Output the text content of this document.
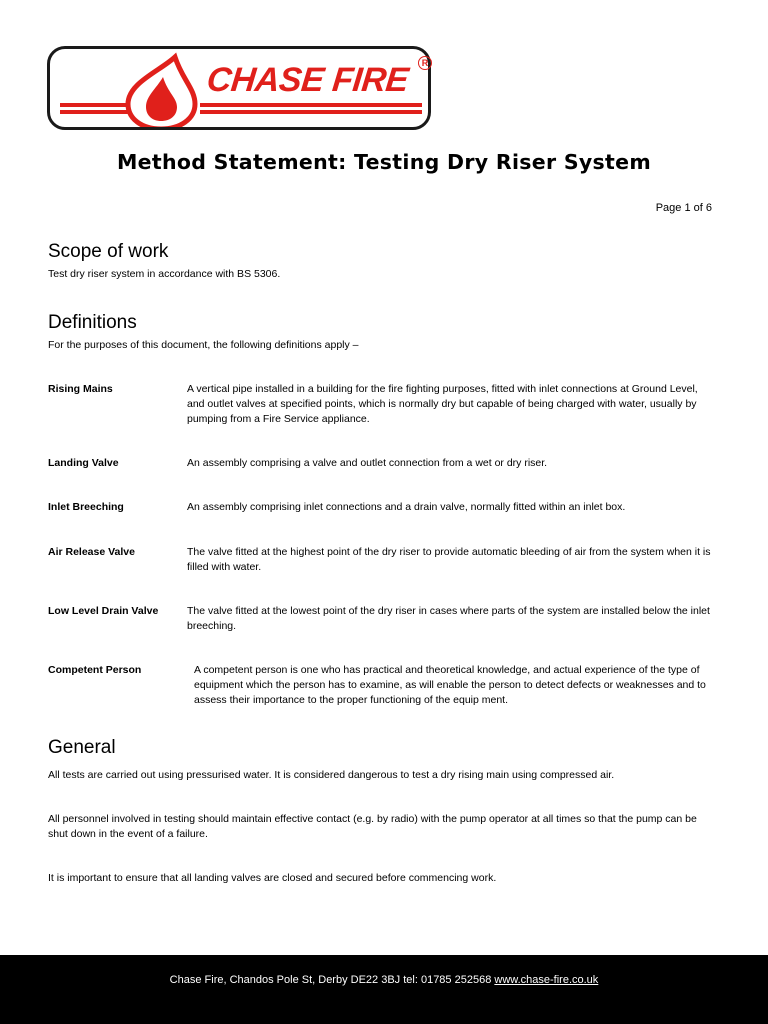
CHASE FIRE	R
Method Statement: Testing Dry Riser System
Page 1 of 6
Scope of work
Test dry riser system in accordance with BS 5306.
Definitions
For the purposes of this document, the following definitions apply –
Rising Mains	A vertical pipe installed in a building for the fire fighting purposes, fitted with inlet connections at Ground Level, and outlet valves at specified points, which is normally dry but capable of being charged with water, usually by pumping from a Fire Service appliance.
Landing Valve	An assembly comprising a valve and outlet connection from a wet or dry riser.
Inlet Breeching	An assembly comprising inlet connections and a drain valve, normally fitted within an inlet box.
Air Release Valve	The valve fitted at the highest point of the dry riser to provide automatic bleeding of air from the system when it is filled with water.
Low Level Drain Valve	The valve fitted at the lowest point of the dry riser in cases where parts of the system are installed below the inlet breeching.
Competent Person	A competent person is one who has practical and theoretical knowledge, and actual experience of the type of equipment which the person has to examine, as will enable the person to detect defects or weaknesses and to assess their importance to the proper functioning of the equip ment.
General
All tests are carried out using pressurised water. It is considered dangerous to test a dry rising main using compressed air.
All personnel involved in testing should maintain effective contact (e.g. by radio) with the pump operator at all times so that the pump can be shut down in the event of a failure.
It is important to ensure that all landing valves are closed and secured before commencing work.
Chase Fire, Chandos Pole St, Derby DE22 3BJ tel: 01785 252568 www.chase-fire.co.uk
